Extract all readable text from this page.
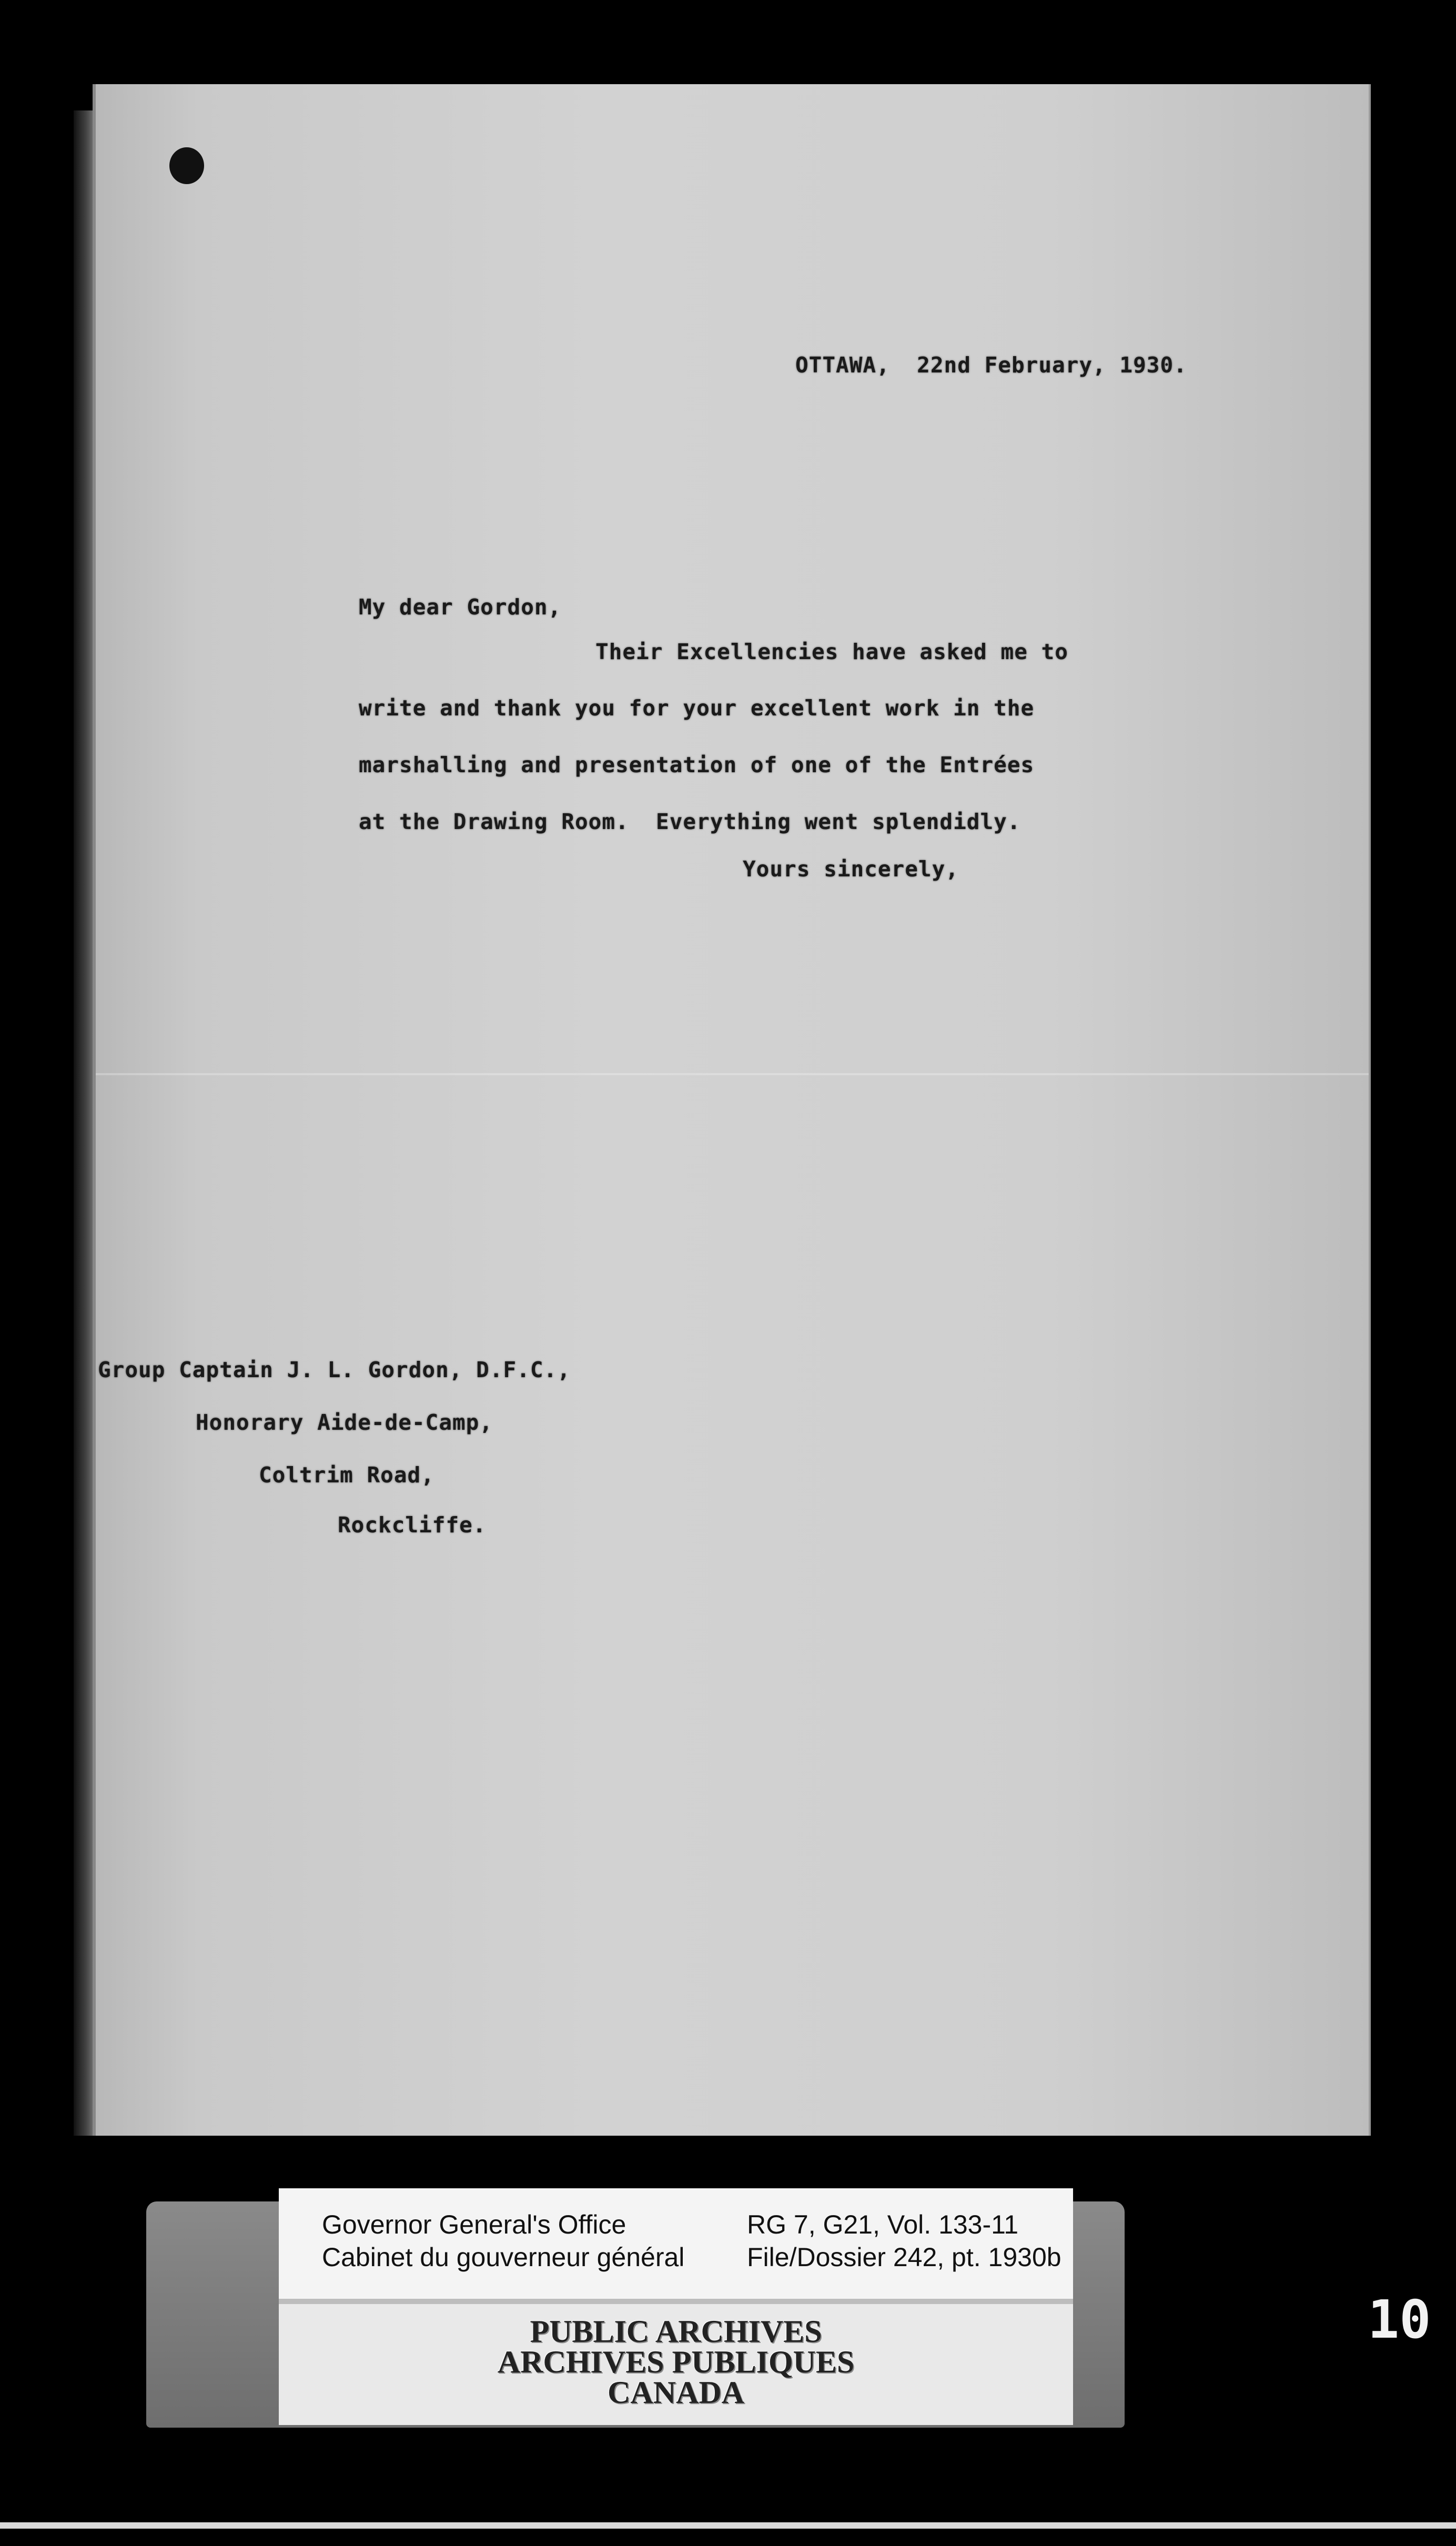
OTTAWA,  22nd February, 1930.
My dear Gordon,
Their Excellencies have asked me to
write and thank you for your excellent work in the
marshalling and presentation of one of the Entrées
at the Drawing Room.  Everything went splendidly.
Yours sincerely,
Group Captain J. L. Gordon, D.F.C.,
Honorary Aide-de-Camp,
Coltrim Road,
Rockcliffe.
Governor General's Office
Cabinet du gouverneur général
RG 7, G21, Vol. 133-11
File/Dossier 242, pt. 1930b
PUBLIC ARCHIVES
ARCHIVES PUBLIQUES
CANADA
10
